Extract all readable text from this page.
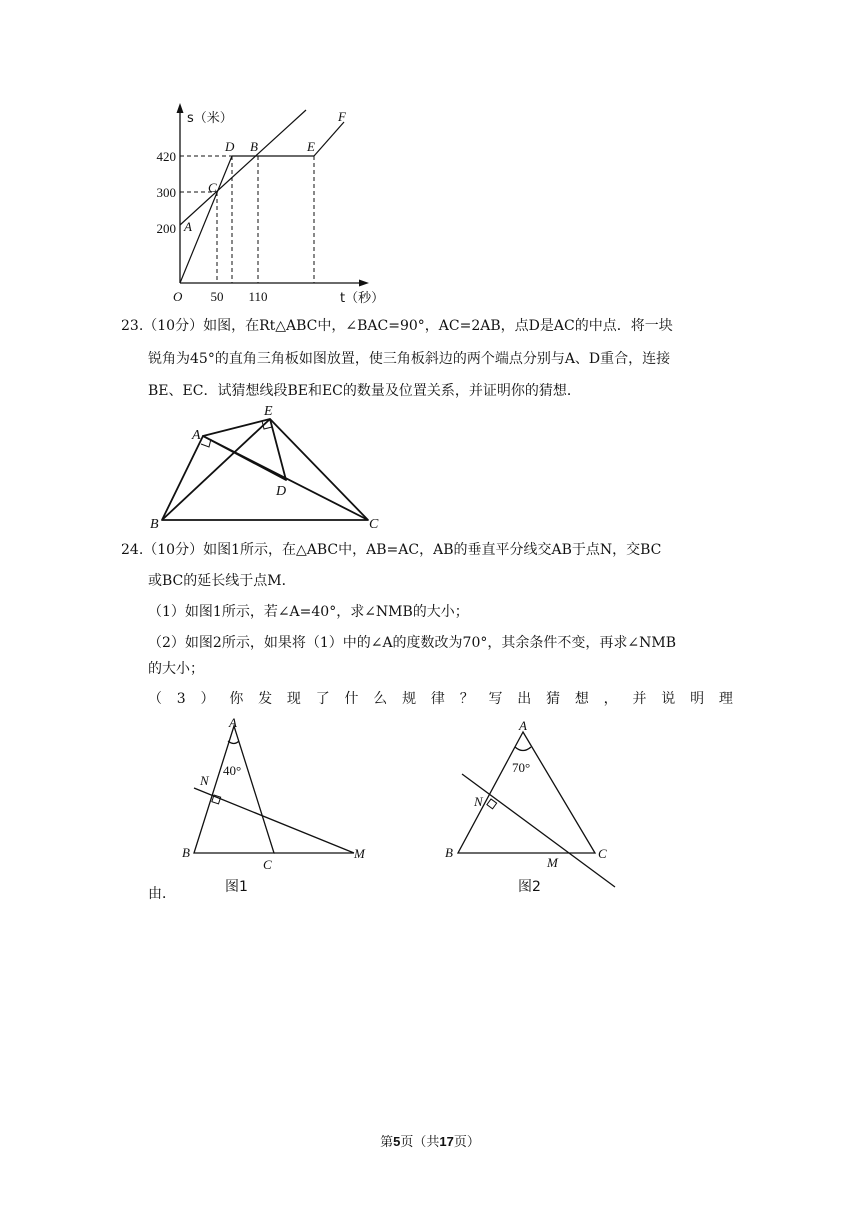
420
300
200
50 110
O
s（米）
t（秒）
A
C
D B	E
F
23.（10分）如图，在Rt△ABC中，∠BAC=90°，AC=2AB，点D是AC的中点．将一块
锐角为45°的直角三角板如图放置，使三角板斜边的两个端点分别与A、D重合，连接
BE、EC．试猜想线段BE和EC的数量及位置关系，并证明你的猜想．
A
E
D
B	C
24.（10分）如图1所示，在△ABC中，AB=AC，AB的垂直平分线交AB于点N，交BC
或BC的延长线于点M．
（1）如图1所示，若∠A=40°，求∠NMB的大小；
（2）如图2所示，如果将（1）中的∠A的度数改为70°，其余条件不变，再求∠NMB
的大小；
（ 3 ） 你 发 现 了 什 么 规 律 ？ 写 出 猜 想 ， 并 说 明 理
A
40°
N
B
C
M
图1
A
70°
N
B
M
C
图2
由．
第5页（共17页）
